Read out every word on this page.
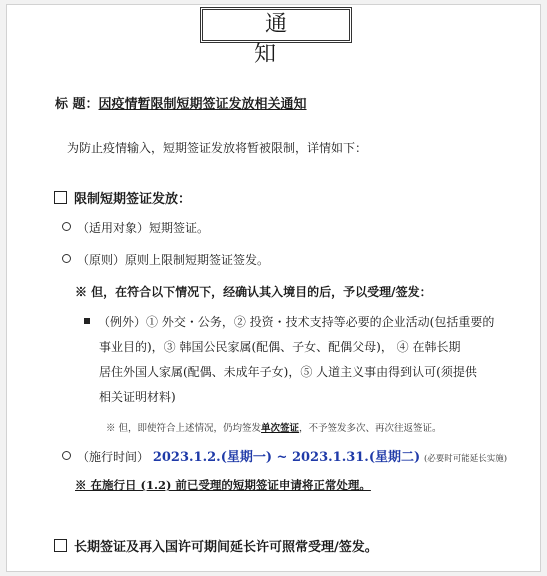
通　知
标 题：因疫情暂限制短期签证发放相关通知
为防止疫情输入，短期签证发放将暂被限制，详情如下：
限制短期签证发放：
（适用对象）短期签证。
（原则）原则上限制短期签证签发。
※ 但，在符合以下情况下，经确认其入境目的后，予以受理/签发：
（例外）① 外交・公务，② 投资・技术支持等必要的企业活动(包括重要的
事业目的)，③ 韩国公民家属(配偶、子女、配偶父母)， ④ 在韩长期
居住外国人家属(配偶、未成年子女)，⑤ 人道主义事由得到认可(须提供
相关证明材料)
※ 但，即使符合上述情况，仍均签发单次签证，不予签发多次、再次往返签证。
（施行时间） 2023.1.2.(星期一) ~ 2023.1.31.(星期二) (必要时可能延长实施)
※ 在施行日 (1.2) 前已受理的短期签证申请将正常处理。
长期签证及再入国许可期间延长许可照常受理/签发。
